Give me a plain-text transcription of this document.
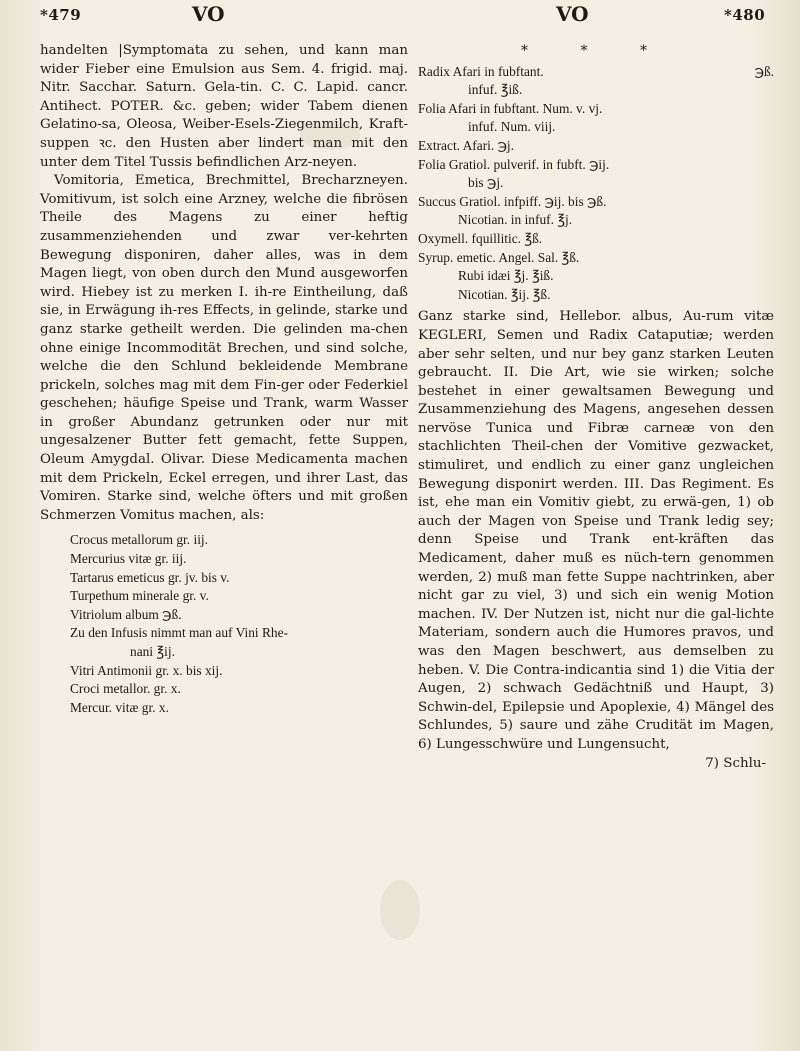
*479	VO	VO	*480

handelten |Symptomata zu sehen, und kann man wider Fieber eine Emulsion aus Sem. 4. frigid. maj. Nitr. Sacchar. Saturn. Gela-tin. C. C. Lapid. cancr. Antihect. POTER. &c. geben; wider Tabem dienen Gelatino-sa, Oleosa, Weiber-Esels-Ziegenmilch, Kraft-suppen ꝛc. den Husten aber lindert man mit den unter dem Titel Tussis befindlichen Arz-neyen.

Vomitoria, Emetica, Brechmittel, Brecharzneyen. Vomitivum, ist solch eine Arzney, welche die fibrösen Theile des Magens zu einer heftig zusammenziehenden und zwar ver-kehrten Bewegung disponiren, daher alles, was in dem Magen liegt, von oben durch den Mund ausgeworfen wird. Hiebey ist zu merken I. ih-re Eintheilung, daß sie, in Erwägung ih-res Effects, in gelinde, starke und ganz starke getheilt werden. Die gelinden ma-chen ohne einige Incommodität Brechen, und sind solche, welche die den Schlund bekleidende Membrane prickeln, solches mag mit dem Fin-ger oder Federkiel geschehen; häufige Speise und Trank, warm Wasser in großer Abundanz getrunken oder nur mit ungesalzener Butter fett gemacht, fette Suppen, Oleum Amygdal. Olivar. Diese Medicamenta machen mit dem Prickeln, Eckel erregen, und ihrer Last, das Vomiren. Starke sind, welche öfters und mit großen Schmerzen Vomitus machen, als:

Crocus metallorum gr. iij.
Mercurius vitæ gr. iij.
Tartarus emeticus gr. jv. bis v.
Turpethum minerale gr. v.
Vitriolum album ℈ß.
Zu den Infusis nimmt man auf Vini Rhe-
nani ℥ij.
Vitri Antimonii gr. x. bis xij.
Croci metallor. gr. x.
Mercur. vitæ gr. x.
* * *
Radix Afari in fubftant.	℈ß.
infuf. ℥iß.
Folia Afari in fubftant. Num. v. vj.
infuf. Num. viij.
Extract. Afari. ℈j.
Folia Gratiol. pulverif. in fubft. ℈ij.
bis ℈j.
Succus Gratiol. infpiff. ℈ij. bis ℈ß.
Nicotian. in infuf. ℥j.
Oxymell. fquillitic. ℥ß.
Syrup. emetic. Angel. Sal. ℥ß.
Rubi idæi ℥j. ℥iß.
Nicotian. ℥ij. ℥ß.

Ganz starke sind, Hellebor. albus, Au-rum vitæ KEGLERI, Semen und Radix Cataputiæ; werden aber sehr selten, und nur bey ganz starken Leuten gebraucht. II. Die Art, wie sie wirken; solche bestehet in einer gewaltsamen Bewegung und Zusammenziehung des Magens, angesehen dessen nervöse Tunica und Fibræ carneæ von den stachlichten Theil-chen der Vomitive gezwacket, stimuliret, und endlich zu einer ganz ungleichen Bewegung disponirt werden. III. Das Regiment. Es ist, ehe man ein Vomitiv giebt, zu erwä-gen, 1) ob auch der Magen von Speise und Trank ledig sey; denn Speise und Trank ent-kräften das Medicament, daher muß es nüch-tern genommen werden, 2) muß man fette Suppe nachtrinken, aber nicht gar zu viel, 3) und sich ein wenig Motion machen. IV. Der Nutzen ist, nicht nur die gal-lichte Materiam, sondern auch die Humores pravos, und was den Magen beschwert, aus demselben zu heben. V. Die Contra-indicantia sind 1) die Vitia der Augen, 2) schwach Gedächtniß und Haupt, 3) Schwin-del, Epilepsie und Apoplexie, 4) Mängel des Schlundes, 5) saure und zähe Crudität im Magen, 6) Lungesschwüre und Lungensucht,

7) Schlu-
